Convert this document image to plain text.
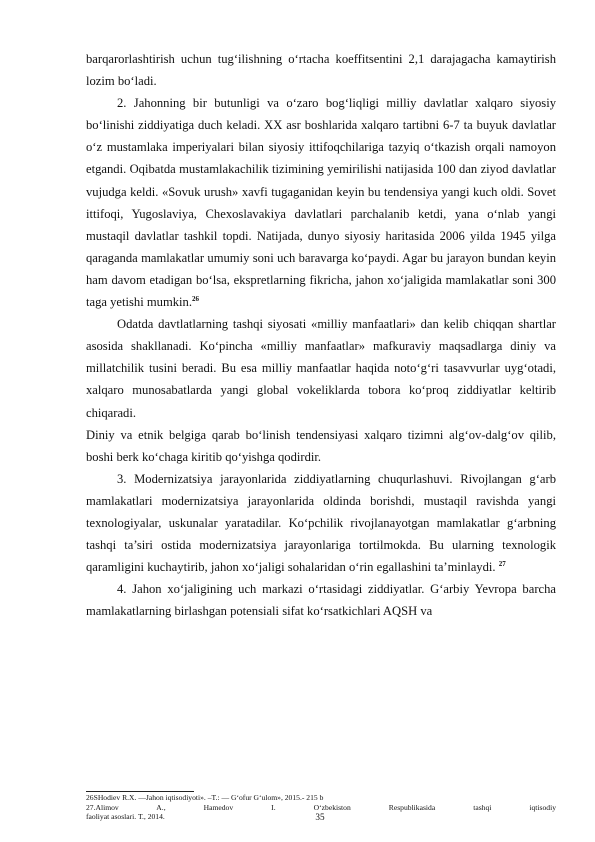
barqarorlashtirish uchun tug‘ilishning o‘rtacha koeffitsentini 2,1 darajagacha kamaytirish lozim bo‘ladi.

2. Jahonning bir butunligi va o‘zaro bog‘liqligi milliy davlatlar xalqaro siyosiy bo‘linishi ziddiyatiga duch keladi. XX asr boshlarida xalqaro tartibni 6-7 ta buyuk davlatlar o‘z mustamlaka imperiyalari bilan siyosiy ittifoqchilariga tazyiq o‘tkazish orqali namoyon etgandi. Oqibatda mustamlakachilik tizimining yemirilishi natijasida 100 dan ziyod davlatlar vujudga keldi. «Sovuk urush» xavfi tugaganidan keyin bu tendensiya yangi kuch oldi. Sovet ittifoqi, Yugoslaviya, Chexoslavakiya davlatlari parchalanib ketdi, yana o‘nlab yangi mustaqil davlatlar tashkil topdi. Natijada, dunyo siyosiy haritasida 2006 yilda 1945 yilga qaraganda mamlakatlar umumiy soni uch baravarga ko‘paydi. Agar bu jarayon bundan keyin ham davom etadigan bo‘lsa, ekspretlarning fikricha, jahon xo‘jaligida mamlakatlar soni 300 taga yetishi mumkin.$^{26}$

Odatda davtlatlarning tashqi siyosati «milliy manfaatlari» dan kelib chiqqan shartlar asosida shakllanadi. Ko‘pincha «milliy manfaatlar» mafkuraviy maqsadlarga diniy va millatchilik tusini beradi. Bu esa milliy manfaatlar haqida noto‘g‘ri tasavvurlar uyg‘otadi, xalqaro munosabatlarda yangi global vokeliklarda tobora ko‘proq ziddiyatlar keltirib chiqaradi.

Diniy va etnik belgiga qarab bo‘linish tendensiyasi xalqaro tizimni alg‘ov-dalg‘ov qilib, boshi berk ko‘chaga kiritib qo‘yishga qodirdir.

3. Modernizatsiya jarayonlarida ziddiyatlarning chuqurlashuvi. Rivojlangan g‘arb mamlakatlari modernizatsiya jarayonlarida oldinda borishdi, mustaqil ravishda yangi texnologiyalar, uskunalar yaratadilar. Ko‘pchilik rivojlanayotgan mamlakatlar g‘arbning tashqi ta’siri ostida modernizatsiya jarayonlariga tortilmokda. Bu ularning texnologik qaramligini kuchaytirib, jahon xo‘jaligi sohalaridan o‘rin egallashini ta’minlaydi. $^{27}$

4. Jahon xo‘jaligining uch markazi o‘rtasidagi ziddiyatlar. G‘arbiy Yevropa barcha mamlakatlarning birlashgan potensiali sifat ko‘rsatkichlari AQSH va

26SHodiev R.X. —Jahon iqtisodiyoti». –T.: — G‘ofur G‘ulom», 2015.- 215 b

27.Alimov A., Hamedov I. O‘zbekiston Respublikasida tashqi iqtisodiy

faoliyat asoslari. T., 2014.	35
